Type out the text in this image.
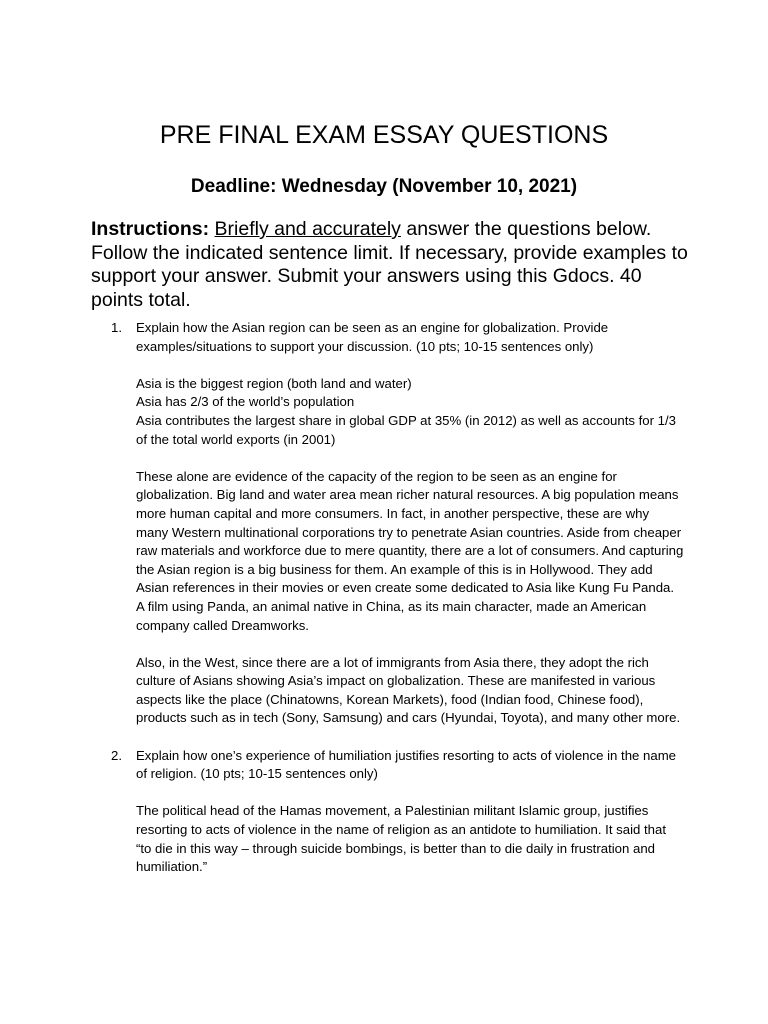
PRE FINAL EXAM ESSAY QUESTIONS
Deadline: Wednesday (November 10, 2021)

Instructions: Briefly and accurately answer the questions below. Follow the indicated sentence limit. If necessary, provide examples to support your answer. Submit your answers using this Gdocs. 40 points total.

1. Explain how the Asian region can be seen as an engine for globalization. Provide examples/situations to support your discussion. (10 pts; 10-15 sentences only)

Asia is the biggest region (both land and water)

Asia has 2/3 of the world’s population

Asia contributes the largest share in global GDP at 35% (in 2012) as well as accounts for 1/3 of the total world exports (in 2001)

These alone are evidence of the capacity of the region to be seen as an engine for globalization. Big land and water area mean richer natural resources. A big population means more human capital and more consumers. In fact, in another perspective, these are why many Western multinational corporations try to penetrate Asian countries. Aside from cheaper raw materials and workforce due to mere quantity, there are a lot of consumers. And capturing the Asian region is a big business for them. An example of this is in Hollywood. They add Asian references in their movies or even create some dedicated to Asia like Kung Fu Panda. A film using Panda, an animal native in China, as its main character, made an American company called Dreamworks.

Also, in the West, since there are a lot of immigrants from Asia there, they adopt the rich culture of Asians showing Asia’s impact on globalization. These are manifested in various aspects like the place (Chinatowns, Korean Markets), food (Indian food, Chinese food), products such as in tech (Sony, Samsung) and cars (Hyundai, Toyota), and many other more.

2. Explain how one’s experience of humiliation justifies resorting to acts of violence in the name of religion. (10 pts; 10-15 sentences only)

The political head of the Hamas movement, a Palestinian militant Islamic group, justifies resorting to acts of violence in the name of religion as an antidote to humiliation. It said that “to die in this way – through suicide bombings, is better than to die daily in frustration and humiliation.”
